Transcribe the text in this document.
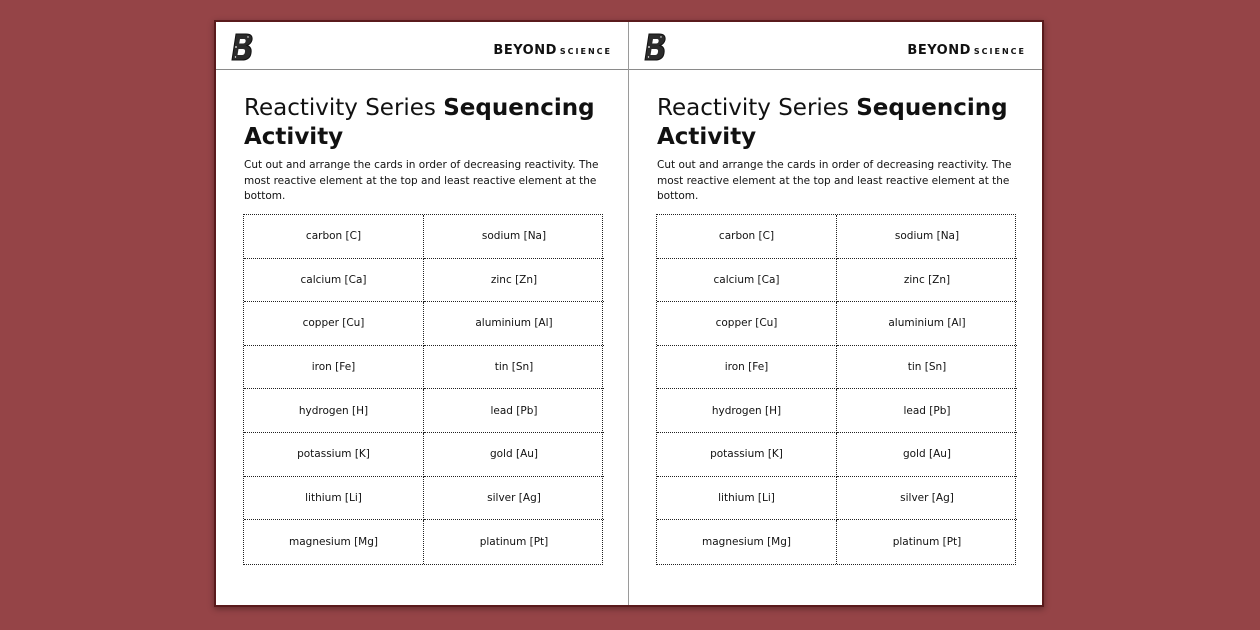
BEYOND SCIENCE
Reactivity Series Sequencing Activity

Cut out and arrange the cards in order of decreasing reactivity. The most reactive element at the top and least reactive element at the bottom.

carbon [C]	sodium [Na]
calcium [Ca]	zinc [Zn]
copper [Cu]	aluminium [Al]
iron [Fe]	tin [Sn]
hydrogen [H]	lead [Pb]
potassium [K]	gold [Au]
lithium [Li]	silver [Ag]
magnesium [Mg]	platinum [Pt]
BEYOND SCIENCE
Reactivity Series Sequencing Activity

Cut out and arrange the cards in order of decreasing reactivity. The most reactive element at the top and least reactive element at the bottom.

carbon [C]	sodium [Na]
calcium [Ca]	zinc [Zn]
copper [Cu]	aluminium [Al]
iron [Fe]	tin [Sn]
hydrogen [H]	lead [Pb]
potassium [K]	gold [Au]
lithium [Li]	silver [Ag]
magnesium [Mg]	platinum [Pt]
